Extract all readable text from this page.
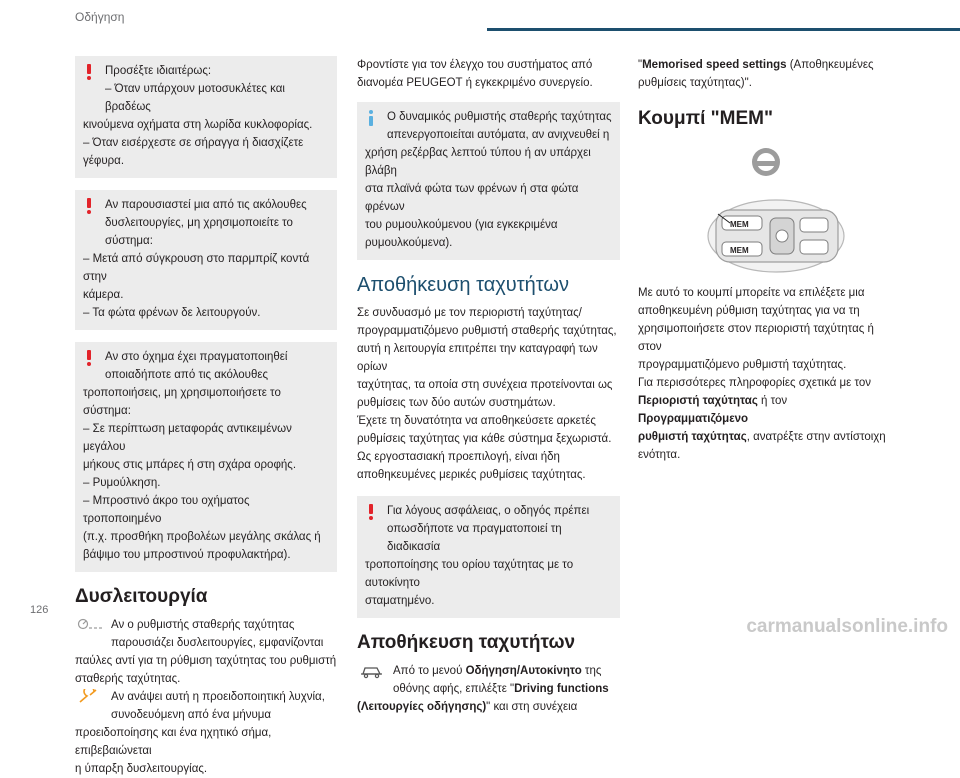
Οδήγηση

Προσέξτε ιδιαιτέρως:

– Όταν υπάρχουν μοτοσυκλέτες και βραδέως

κινούμενα οχήματα στη λωρίδα κυκλοφορίας.

– Όταν εισέρχεστε σε σήραγγα ή διασχίζετε

γέφυρα.

Αν παρουσιαστεί μια από τις ακόλουθες

δυσλειτουργίες, μη χρησιμοποιείτε το σύστημα:

– Μετά από σύγκρουση στο παρμπρίζ κοντά στην

κάμερα.

– Τα φώτα φρένων δε λειτουργούν.

Αν στο όχημα έχει πραγματοποιηθεί

οποιαδήποτε από τις ακόλουθες

τροποποιήσεις, μη χρησιμοποιήσετε το σύστημα:

– Σε περίπτωση μεταφοράς αντικειμένων μεγάλου

μήκους στις μπάρες ή στη σχάρα οροφής.

– Ρυμούλκηση.

– Μπροστινό άκρο του οχήματος τροποποιημένο

(π.χ. προσθήκη προβολέων μεγάλης σκάλας ή

βάψιμο του μπροστινού προφυλακτήρα).

Δυσλειτουργία

Αν ο ρυθμιστής σταθερής ταχύτητας

παρουσιάζει δυσλειτουργίες, εμφανίζονται

παύλες αντί για τη ρύθμιση ταχύτητας του ρυθμιστή

σταθερής ταχύτητας.

Αν ανάψει αυτή η προειδοποιητική λυχνία,

συνοδευόμενη από ένα μήνυμα

προειδοποίησης και ένα ηχητικό σήμα, επιβεβαιώνεται

η ύπαρξη δυσλειτουργίας.

Φροντίστε για τον έλεγχο του συστήματος από

διανομέα PEUGEOT ή εγκεκριμένο συνεργείο.

Ο δυναμικός ρυθμιστής σταθερής ταχύτητας

απενεργοποιείται αυτόματα, αν ανιχνευθεί η

χρήση ρεζέρβας λεπτού τύπου ή αν υπάρχει βλάβη

στα πλαϊνά φώτα των φρένων ή στα φώτα φρένων

του ρυμουλκούμενου (για εγκεκριμένα

ρυμουλκούμενα).

Αποθήκευση ταχυτήτων

Σε συνδυασμό με τον περιοριστή ταχύτητας/

προγραμματιζόμενο ρυθμιστή σταθερής ταχύτητας,

αυτή η λειτουργία επιτρέπει την καταγραφή των ορίων

ταχύτητας, τα οποία στη συνέχεια προτείνονται ως

ρυθμίσεις των δύο αυτών συστημάτων.

Έχετε τη δυνατότητα να αποθηκεύσετε αρκετές

ρυθμίσεις ταχύτητας για κάθε σύστημα ξεχωριστά.

Ως εργοστασιακή προεπιλογή, είναι ήδη

αποθηκευμένες μερικές ρυθμίσεις ταχύτητας.

Για λόγους ασφάλειας, ο οδηγός πρέπει

οπωσδήποτε να πραγματοποιεί τη διαδικασία

τροποποίησης του ορίου ταχύτητας με το αυτοκίνητο

σταματημένο.

Αποθήκευση ταχυτήτων

Από το μενού Οδήγηση/Αυτοκίνητο της

οθόνης αφής, επιλέξτε "Driving functions

(Λειτουργίες οδήγησης)" και στη συνέχεια

"Memorised speed settings (Αποθηκευμένες

ρυθμίσεις ταχύτητας)".

Κουμπί "MEM"
MEM
MEM

Με αυτό το κουμπί μπορείτε να επιλέξετε μια

αποθηκευμένη ρύθμιση ταχύτητας για να τη

χρησιμοποιήσετε στον περιοριστή ταχύτητας ή στον

προγραμματιζόμενο ρυθμιστή ταχύτητας.

Για περισσότερες πληροφορίες σχετικά με τον

Περιοριστή ταχύτητας ή τον Προγραμματιζόμενο

ρυθμιστή ταχύτητας, ανατρέξτε στην αντίστοιχη

ενότητα.

126
carmanualsonline.info
